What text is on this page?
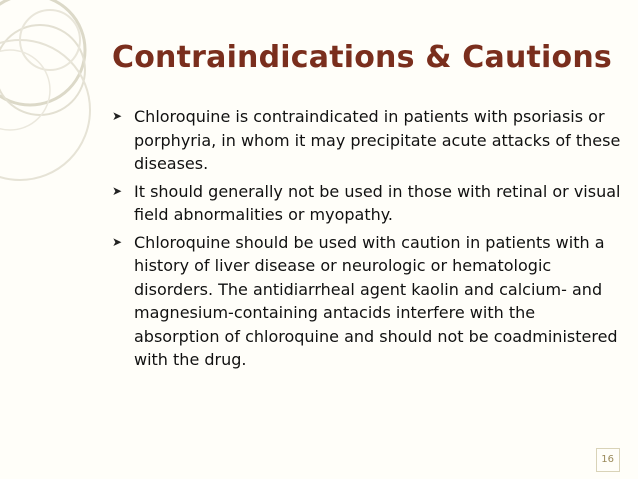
Contraindications & Cautions
➤ Chloroquine is contraindicated in patients with psoriasis or porphyria, in whom it may precipitate acute attacks of these diseases.
➤ It should generally not be used in those with retinal or visual field abnormalities or myopathy.
➤ Chloroquine should be used with caution in patients with a history of liver disease or neurologic or hematologic disorders. The antidiarrheal agent kaolin and calcium- and magnesium-containing antacids interfere with the absorption of chloroquine and should not be coadministered with the drug.
16
